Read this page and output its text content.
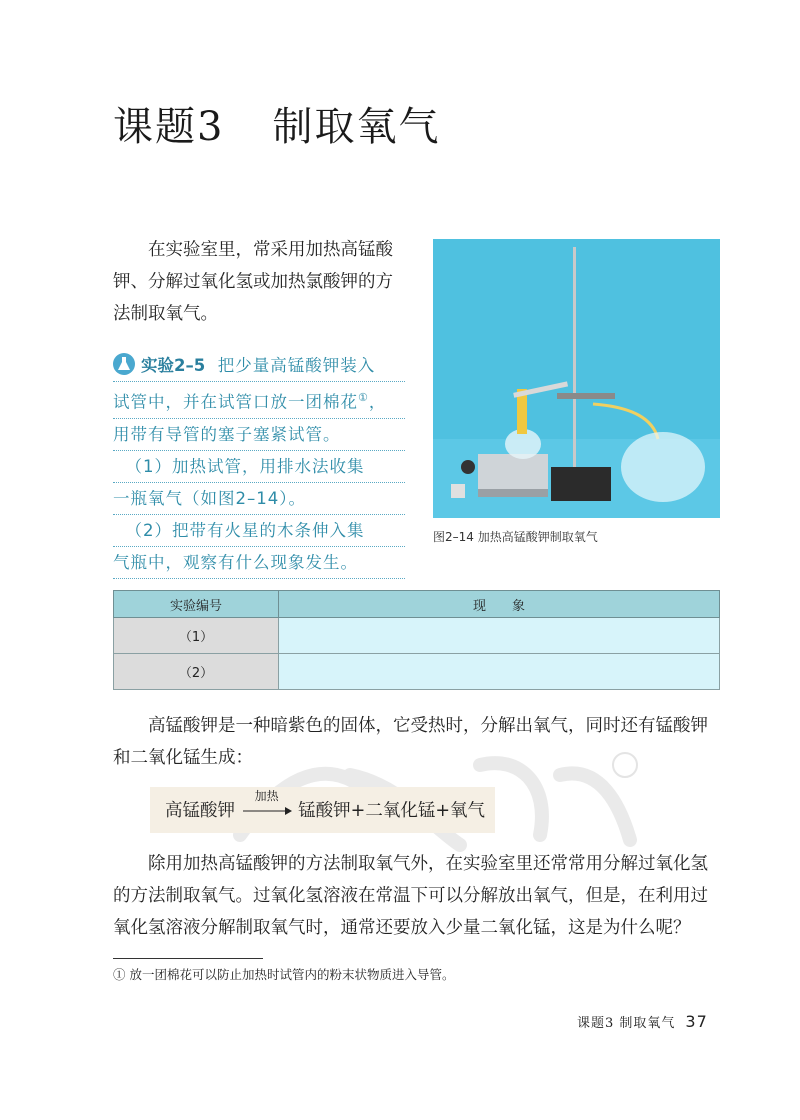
课题3 制取氧气

在实验室里，常采用加热高锰酸

钾、分解过氧化氢或加热氯酸钾的方
法制取氧气。
实验2–5 把少量高锰酸钾装入
试管中，并在试管口放一团棉花①，
用带有导管的塞子塞紧试管。
（1）加热试管，用排水法收集
一瓶氧气（如图2–14）。
（2）把带有火星的木条伸入集
气瓶中，观察有什么现象发生。
图2–14 加热高锰酸钾制取氧气
实验编号	现　　象
（1）	
（2）	

高锰酸钾是一种暗紫色的固体，它受热时，分解出氧气，同时还有锰酸钾

和二氧化锰生成：
高锰酸钾
加热
锰酸钾+二氧化锰+氧气

除用加热高锰酸钾的方法制取氧气外，在实验室里还常常用分解过氧化氢

的方法制取氧气。过氧化氢溶液在常温下可以分解放出氧气，但是，在利用过
氧化氢溶液分解制取氧气时，通常还要放入少量二氧化锰，这是为什么呢？
① 放一团棉花可以防止加热时试管内的粉末状物质进入导管。
课题3 制取氧气 37
